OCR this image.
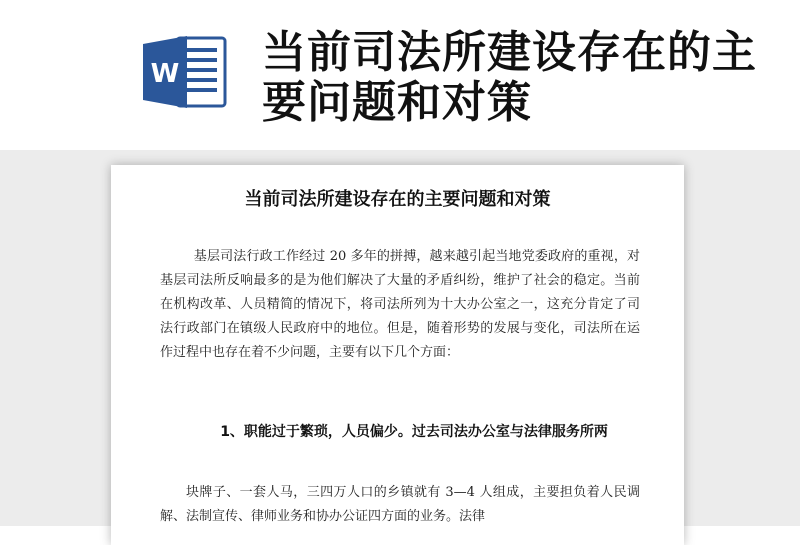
W 当前司法所建设存在的主要问题和对策
当前司法所建设存在的主要问题和对策

基层司法行政工作经过 20 多年的拼搏，越来越引起当地党委政府的重视，对基层司法所反响最多的是为他们解决了大量的矛盾纠纷，维护了社会的稳定。当前在机构改革、人员精简的情况下，将司法所列为十大办公室之一，这充分肯定了司法行政部门在镇级人民政府中的地位。但是，随着形势的发展与变化，司法所在运作过程中也存在着不少问题，主要有以下几个方面：

1、职能过于繁琐，人员偏少。过去司法办公室与法律服务所两
块牌子、一套人马，三四万人口的乡镇就有 3—4 人组成，主要担负着人民调解、法制宣传、律师业务和协办公证四方面的业务。法律
